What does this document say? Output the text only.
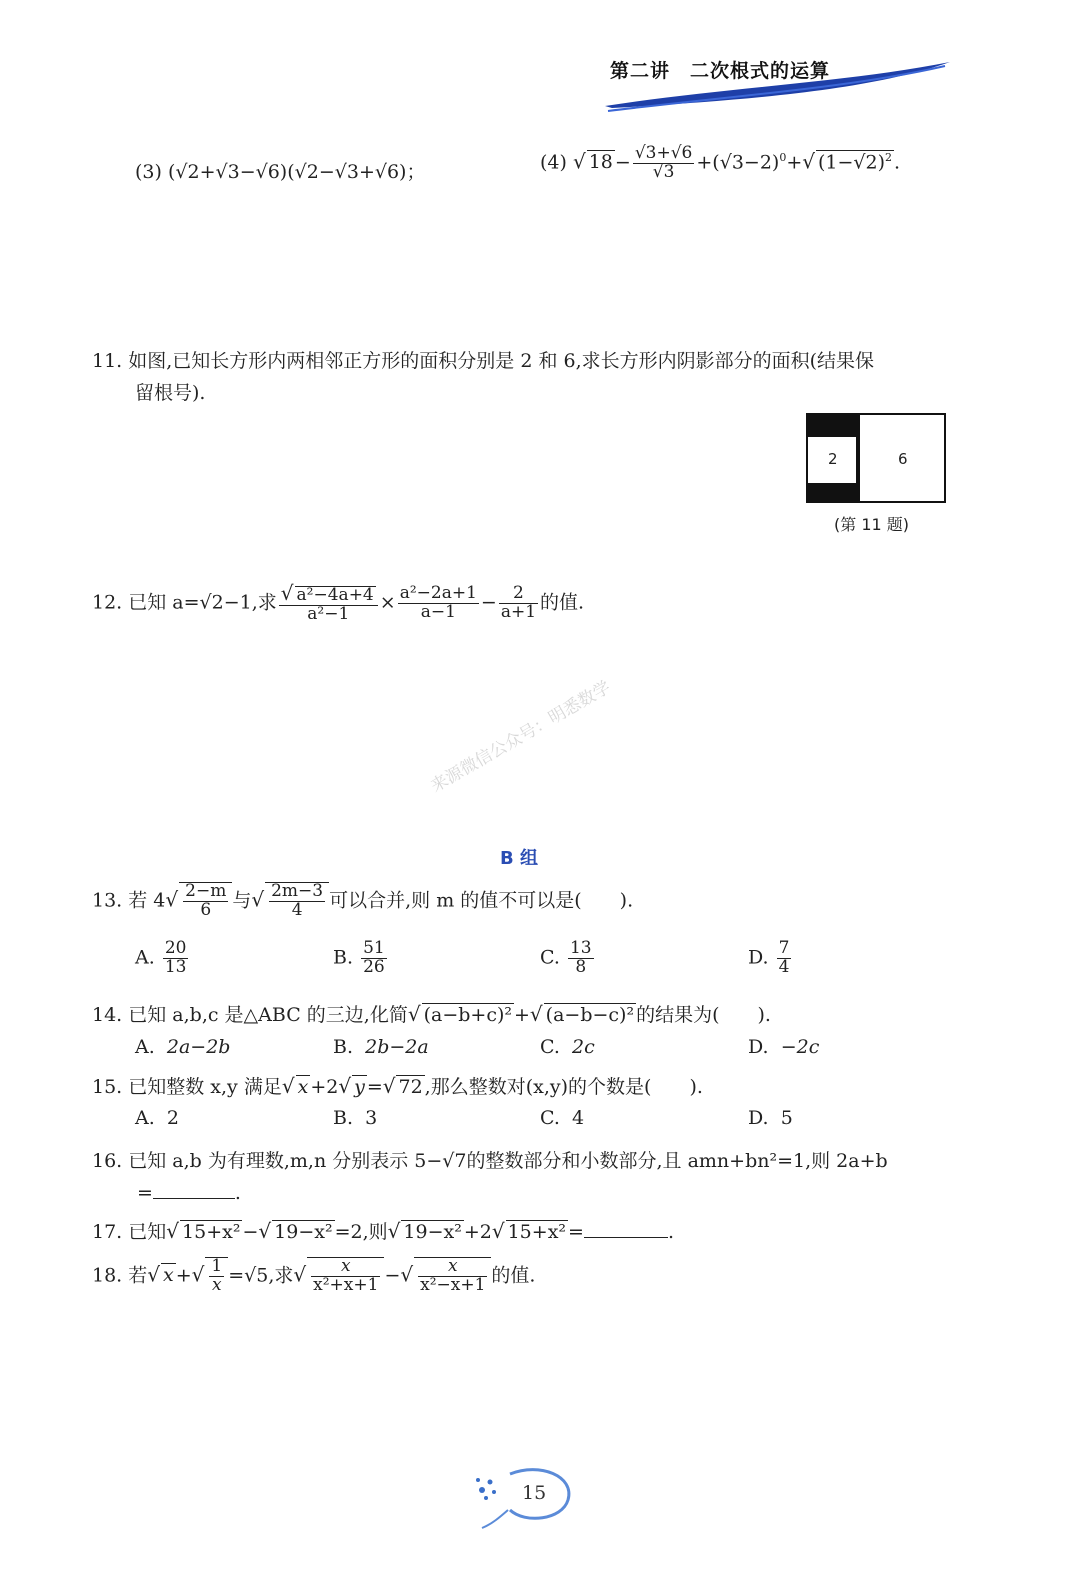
第二讲　二次根式的运算
(3) (√2+√3−√6)(√2−√3+√6)；	(4) √ $18 - \frac{√3+√6}{√3} +(√3-2)^0+√$ $(1-√2)^2$ .
11. 如图,已知长方形内两相邻正方形的面积分别是 2 和 6,求长方形内阴影部分的面积(结果保
留根号).
2	6
(第 11 题)
12. 已知 a=√2−1,求 $\frac{\text{√ a²−4a+4}}{\text{a²−1}} \times \frac{\text{a²−2a+1}}{a-1} - \frac{2}{a+1}$ 的值.
来源微信公众号：明悉数学
B 组
13. 若 $4√ \frac{2-m}{6}$ 与√ $\frac{2m-3}{4}$ 可以合并,则 m 的值不可以是(　　).
A. $\frac{20}{13}$	B. $\frac{51}{26}$	C. $\frac{13}{8}$	D. $\frac{7}{4}$
14. 已知 a,b,c 是△ABC 的三边,化简√ (a−b+c)² +√ (a−b−c)² 的结果为(　　).
A. 2a−2b	B. 2b−2a	C. 2c	D. −2c
15. 已知整数 x,y 满足√ x +2√ y =√ 72 ,那么整数对(x,y)的个数是(　　).
A. 2	B. 3	C. 4	D. 5
16. 已知 a,b 为有理数,m,n 分别表示 5−√7的整数部分和小数部分,且 amn+bn²=1,则 2a+b
=	.
17. 已知√ 15+x² −√ 19−x² =2,则√ 19−x² +2√ 15+x² =	.
18. 若√ x +√ $\frac{1}{x} =√5$,求√ $\frac{x}{\text{x²+x+1}}$ −√ $\frac{x}{\text{x²−x+1}}$ 的值.
15
